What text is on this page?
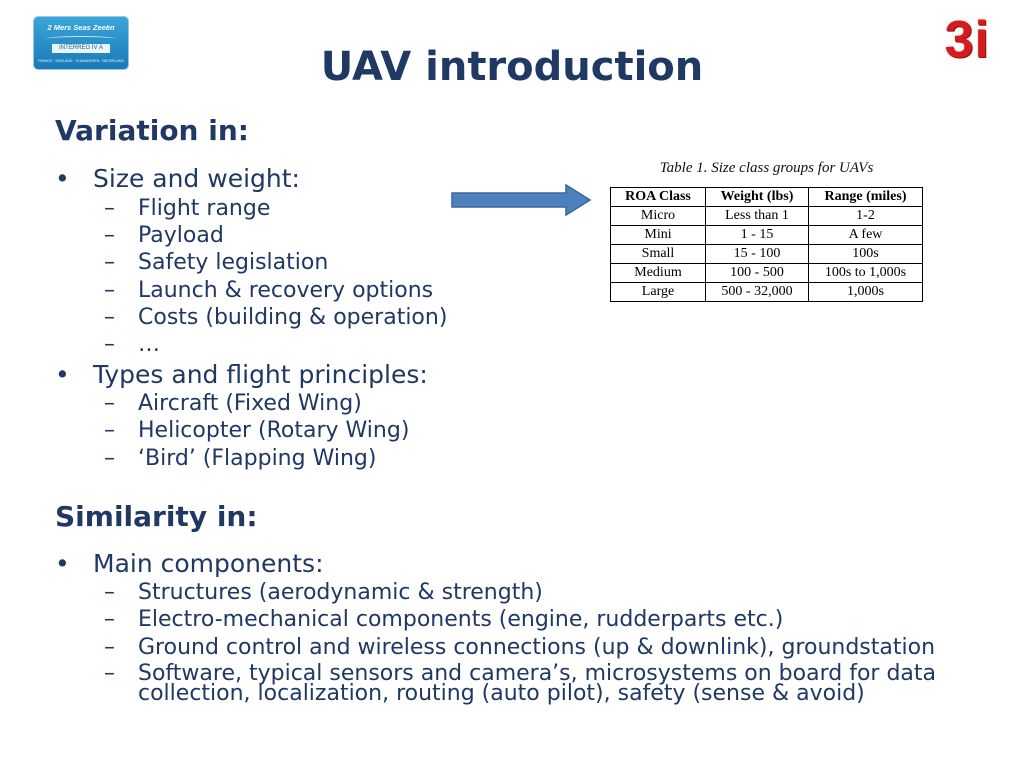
2 Mers Seas Zeeën
INTERREG IV A
FRANCE · ENGLAND · VLAANDEREN · NEDERLAND	3i
UAV introduction
Variation in:
• Size and weight:
– Flight range
– Payload
– Safety legislation
– Launch & recovery options
– Costs (building & operation)
– …
• Types and flight principles:
– Aircraft (Fixed Wing)
– Helicopter (Rotary Wing)
– ‘Bird’ (Flapping Wing)
Similarity in:
• Main components:
– Structures (aerodynamic & strength)
– Electro-mechanical components (engine, rudderparts etc.)
– Ground control and wireless connections (up & downlink), groundstation
– Software, typical sensors and camera’s, microsystems on board for data collection, localization, routing (auto pilot), safety (sense & avoid)
Table 1. Size class groups for UAVs
ROA Class	Weight (lbs)	Range (miles)
Micro	Less than 1	1-2
Mini	1 - 15	A few
Small	15 - 100	100s
Medium	100 - 500	100s to 1,000s
Large	500 - 32,000	1,000s
